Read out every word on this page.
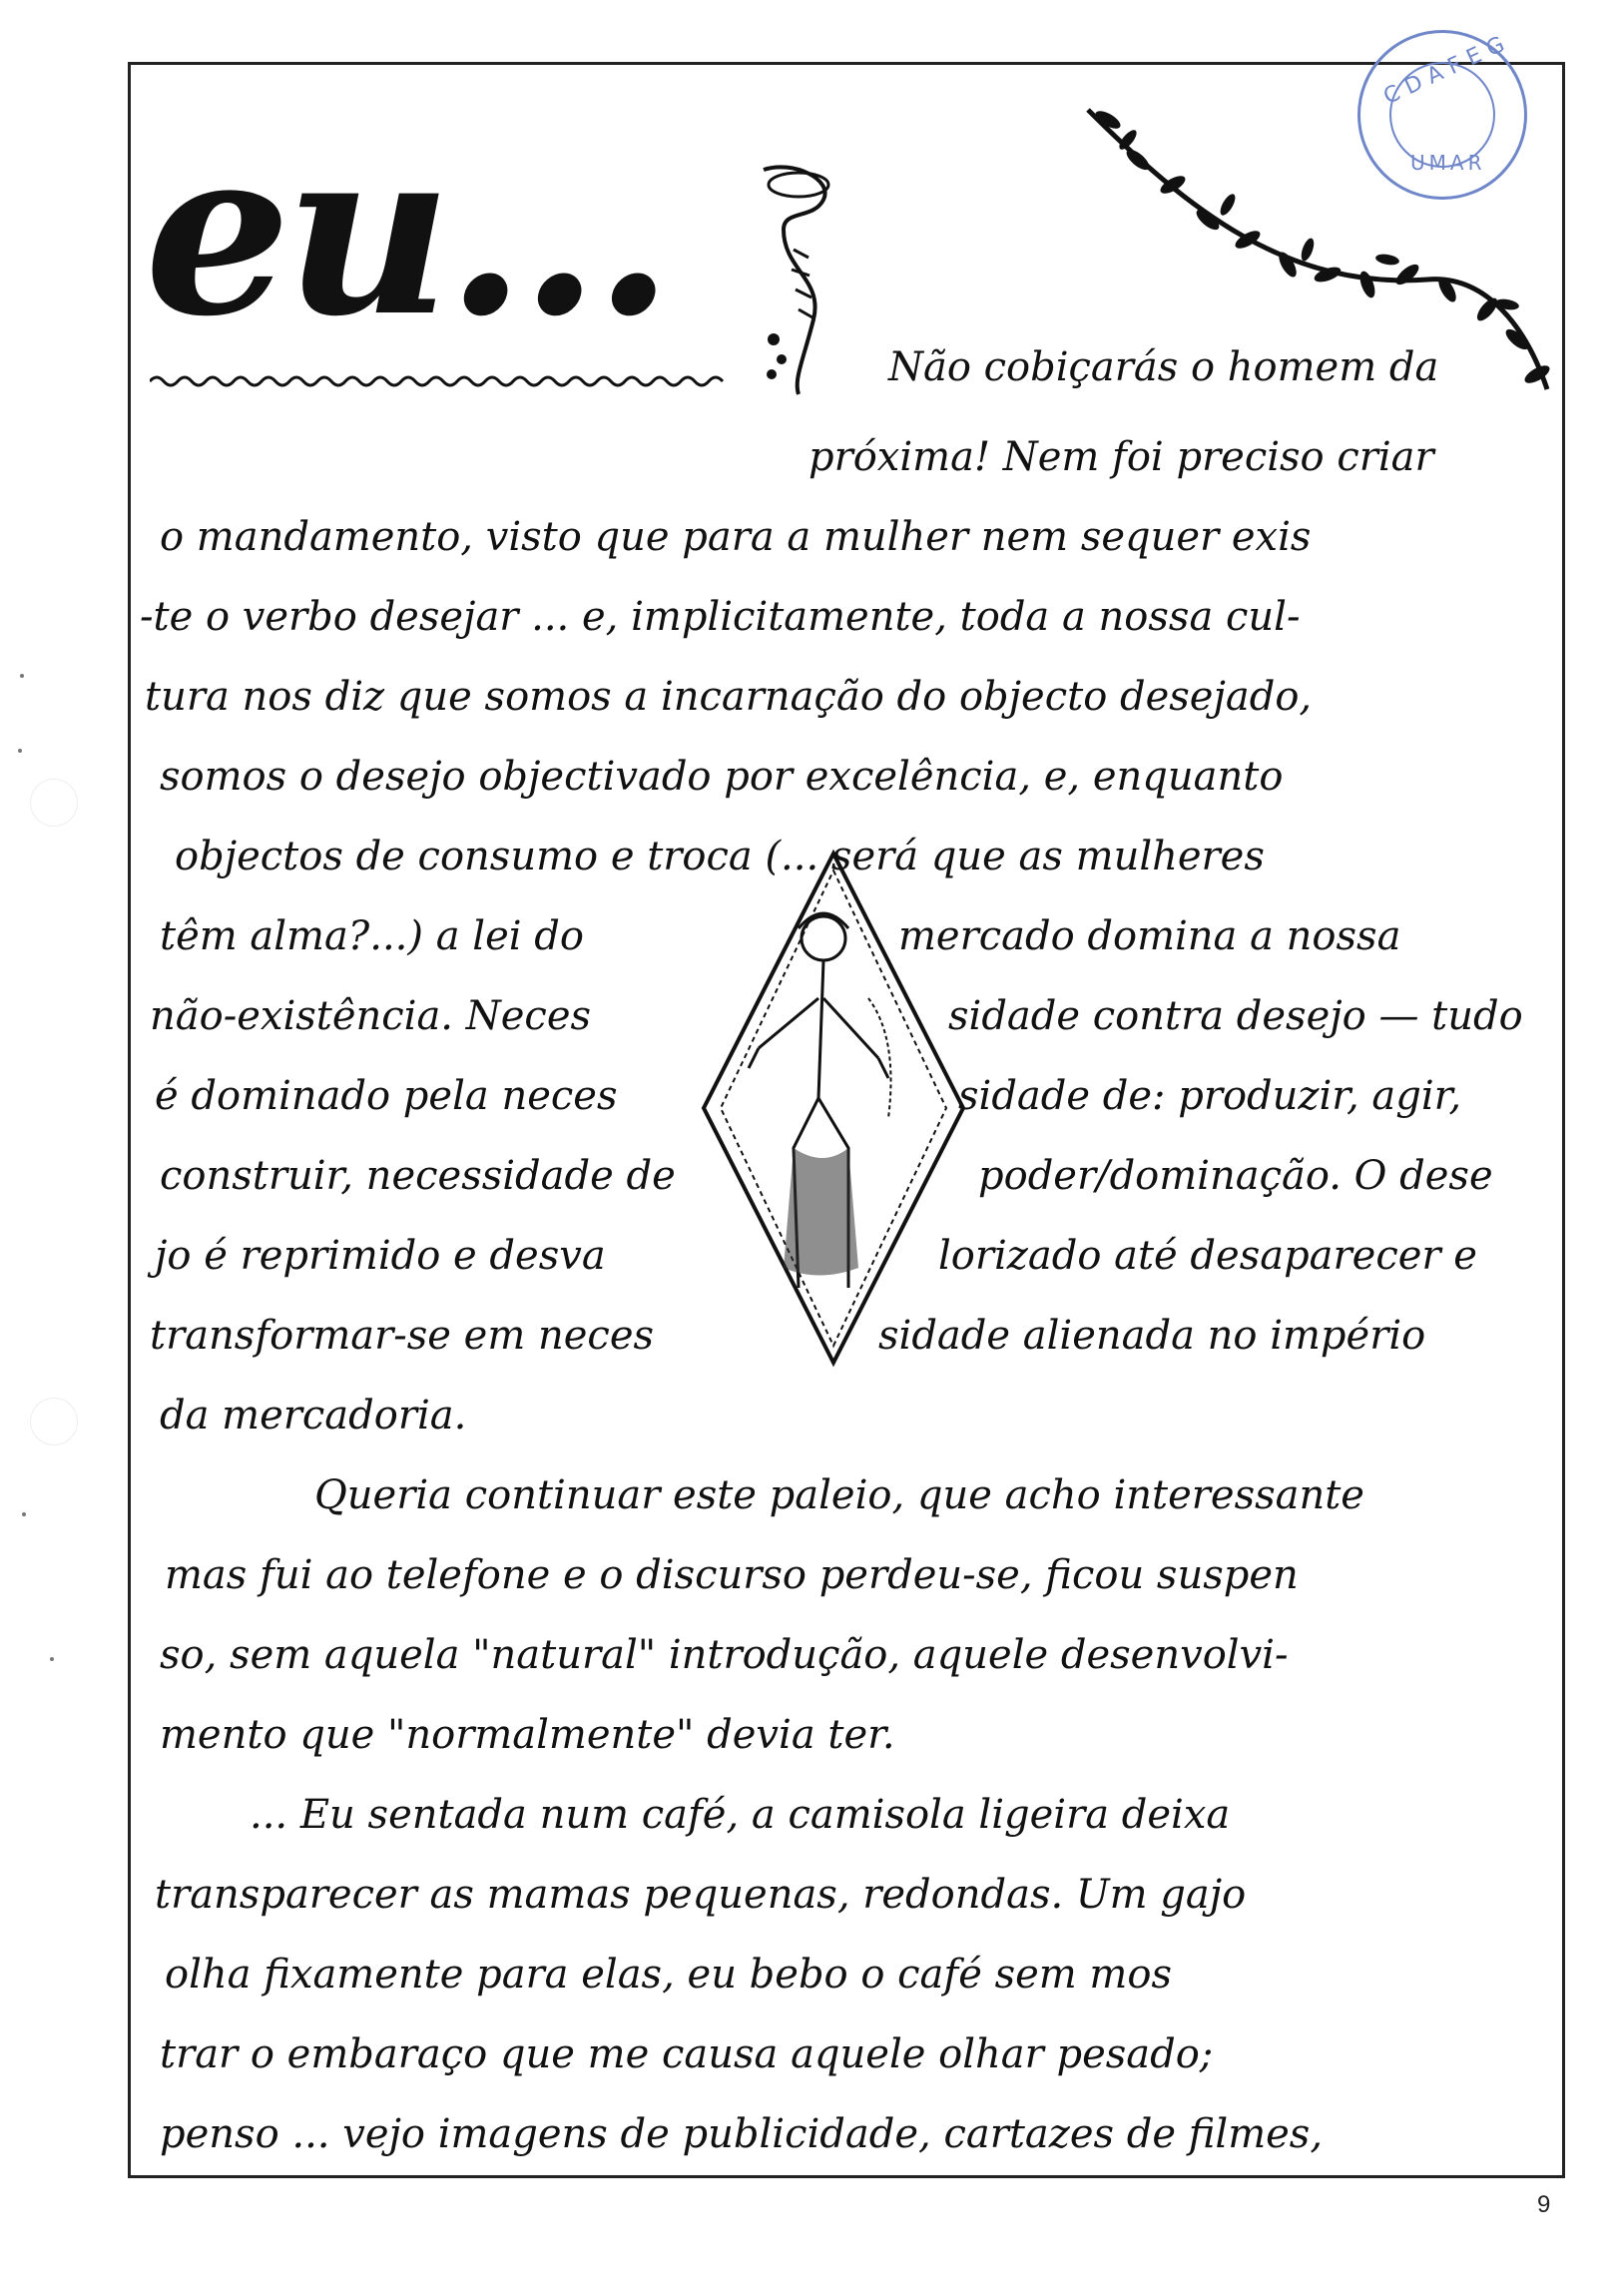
CDAFEG
UMAR
eu...	Não cobiçarás o homem da
próxima! Nem foi preciso criar
o mandamento, visto que para a mulher nem sequer exis
-te o verbo desejar ... e, implicitamente, toda a nossa cul-
tura nos diz que somos a incarnação do objecto desejado,
somos o desejo objectivado por excelência, e, enquanto
objectos de consumo e troca (... será que as mulheres
têm alma?...) a lei do	mercado domina a nossa
não-existência. Neces	sidade contra desejo — tudo
é dominado pela neces	sidade de: produzir, agir,
construir, necessidade de	poder/dominação. O dese
jo é reprimido e desva	lorizado até desaparecer e
transformar-se em neces	sidade alienada no império
da mercadoria.
Queria continuar este paleio, que acho interessante
mas fui ao telefone e o discurso perdeu-se, ficou suspen
so, sem aquela "natural" introdução, aquele desenvolvi-
mento que "normalmente" devia ter.
... Eu sentada num café, a camisola ligeira deixa
transparecer as mamas pequenas, redondas. Um gajo
olha fixamente para elas, eu bebo o café sem mos
trar o embaraço que me causa aquele olhar pesado;
penso ... vejo imagens de publicidade, cartazes de filmes,
9
